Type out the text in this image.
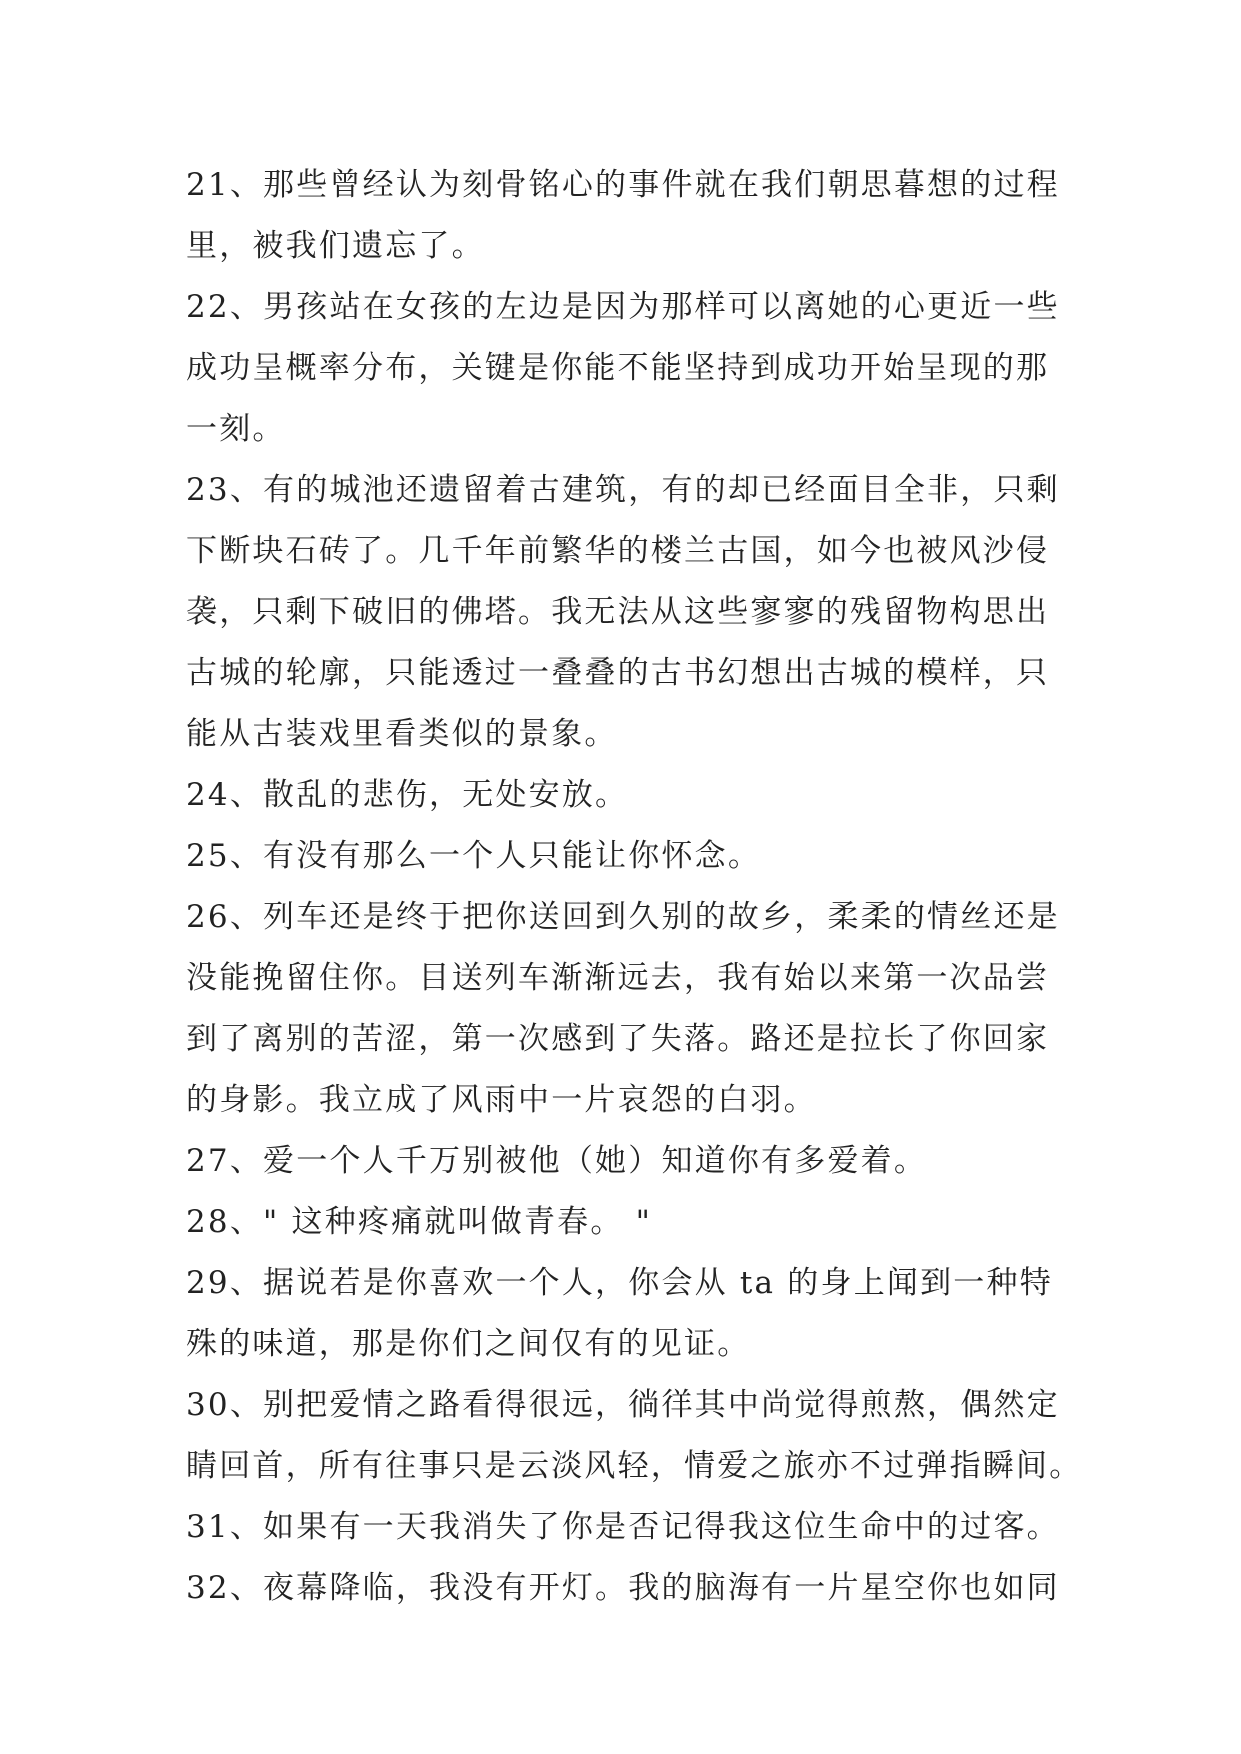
21、那些曾经认为刻骨铭心的事件就在我们朝思暮想的过程
里，被我们遗忘了。
22、男孩站在女孩的左边是因为那样可以离她的心更近一些
成功呈概率分布，关键是你能不能坚持到成功开始呈现的那
一刻。
23、有的城池还遗留着古建筑，有的却已经面目全非，只剩
下断块石砖了。几千年前繁华的楼兰古国，如今也被风沙侵
袭，只剩下破旧的佛塔。我无法从这些寥寥的残留物构思出
古城的轮廓，只能透过一叠叠的古书幻想出古城的模样，只
能从古装戏里看类似的景象。
24、散乱的悲伤，无处安放。
25、有没有那么一个人只能让你怀念。
26、列车还是终于把你送回到久别的故乡，柔柔的情丝还是
没能挽留住你。目送列车渐渐远去，我有始以来第一次品尝
到了离别的苦涩，第一次感到了失落。路还是拉长了你回家
的身影。我立成了风雨中一片哀怨的白羽。
27、爱一个人千万别被他（她）知道你有多爱着。
28、" 这种疼痛就叫做青春。 "
29、据说若是你喜欢一个人，你会从 ta 的身上闻到一种特
殊的味道，那是你们之间仅有的见证。
30、别把爱情之路看得很远，徜徉其中尚觉得煎熬，偶然定
睛回首，所有往事只是云淡风轻，情爱之旅亦不过弹指瞬间。
31、如果有一天我消失了你是否记得我这位生命中的过客。
32、夜幕降临，我没有开灯。我的脑海有一片星空你也如同
